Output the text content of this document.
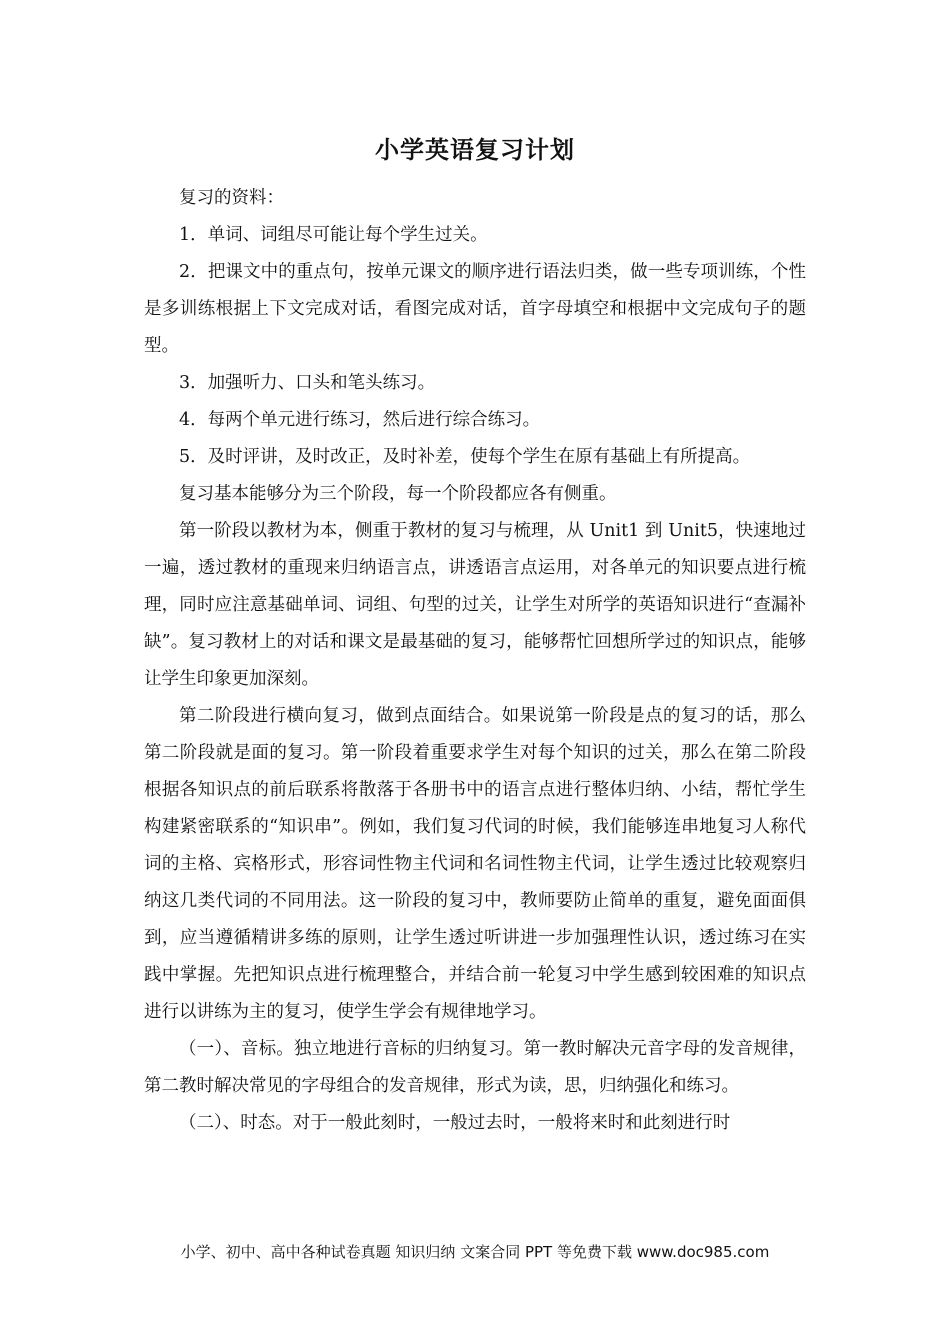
小学英语复习计划

复习的资料：

1．单词、词组尽可能让每个学生过关。

2．把课文中的重点句，按单元课文的顺序进行语法归类，做一些专项训练，个性是多训练根据上下文完成对话，看图完成对话，首字母填空和根据中文完成句子的题型。

3．加强听力、口头和笔头练习。

4．每两个单元进行练习，然后进行综合练习。

5．及时评讲，及时改正，及时补差，使每个学生在原有基础上有所提高。

复习基本能够分为三个阶段，每一个阶段都应各有侧重。

第一阶段以教材为本，侧重于教材的复习与梳理，从 Unit1 到 Unit5，快速地过一遍，透过教材的重现来归纳语言点，讲透语言点运用，对各单元的知识要点进行梳理，同时应注意基础单词、词组、句型的过关，让学生对所学的英语知识进行“查漏补缺”。复习教材上的对话和课文是最基础的复习，能够帮忙回想所学过的知识点，能够让学生印象更加深刻。

第二阶段进行横向复习，做到点面结合。如果说第一阶段是点的复习的话，那么第二阶段就是面的复习。第一阶段着重要求学生对每个知识的过关，那么在第二阶段根据各知识点的前后联系将散落于各册书中的语言点进行整体归纳、小结，帮忙学生构建紧密联系的“知识串”。例如，我们复习代词的时候，我们能够连串地复习人称代词的主格、宾格形式，形容词性物主代词和名词性物主代词，让学生透过比较观察归纳这几类代词的不同用法。这一阶段的复习中，教师要防止简单的重复，避免面面俱到，应当遵循精讲多练的原则，让学生透过听讲进一步加强理性认识，透过练习在实践中掌握。先把知识点进行梳理整合，并结合前一轮复习中学生感到较困难的知识点进行以讲练为主的复习，使学生学会有规律地学习。

（一）、音标。独立地进行音标的归纳复习。第一教时解决元音字母的发音规律，第二教时解决常见的字母组合的发音规律，形式为读，思，归纳强化和练习。

（二）、时态。对于一般此刻时，一般过去时，一般将来时和此刻进行时

小学、初中、高中各种试卷真题 知识归纳 文案合同 PPT 等免费下载 www.doc985.com
